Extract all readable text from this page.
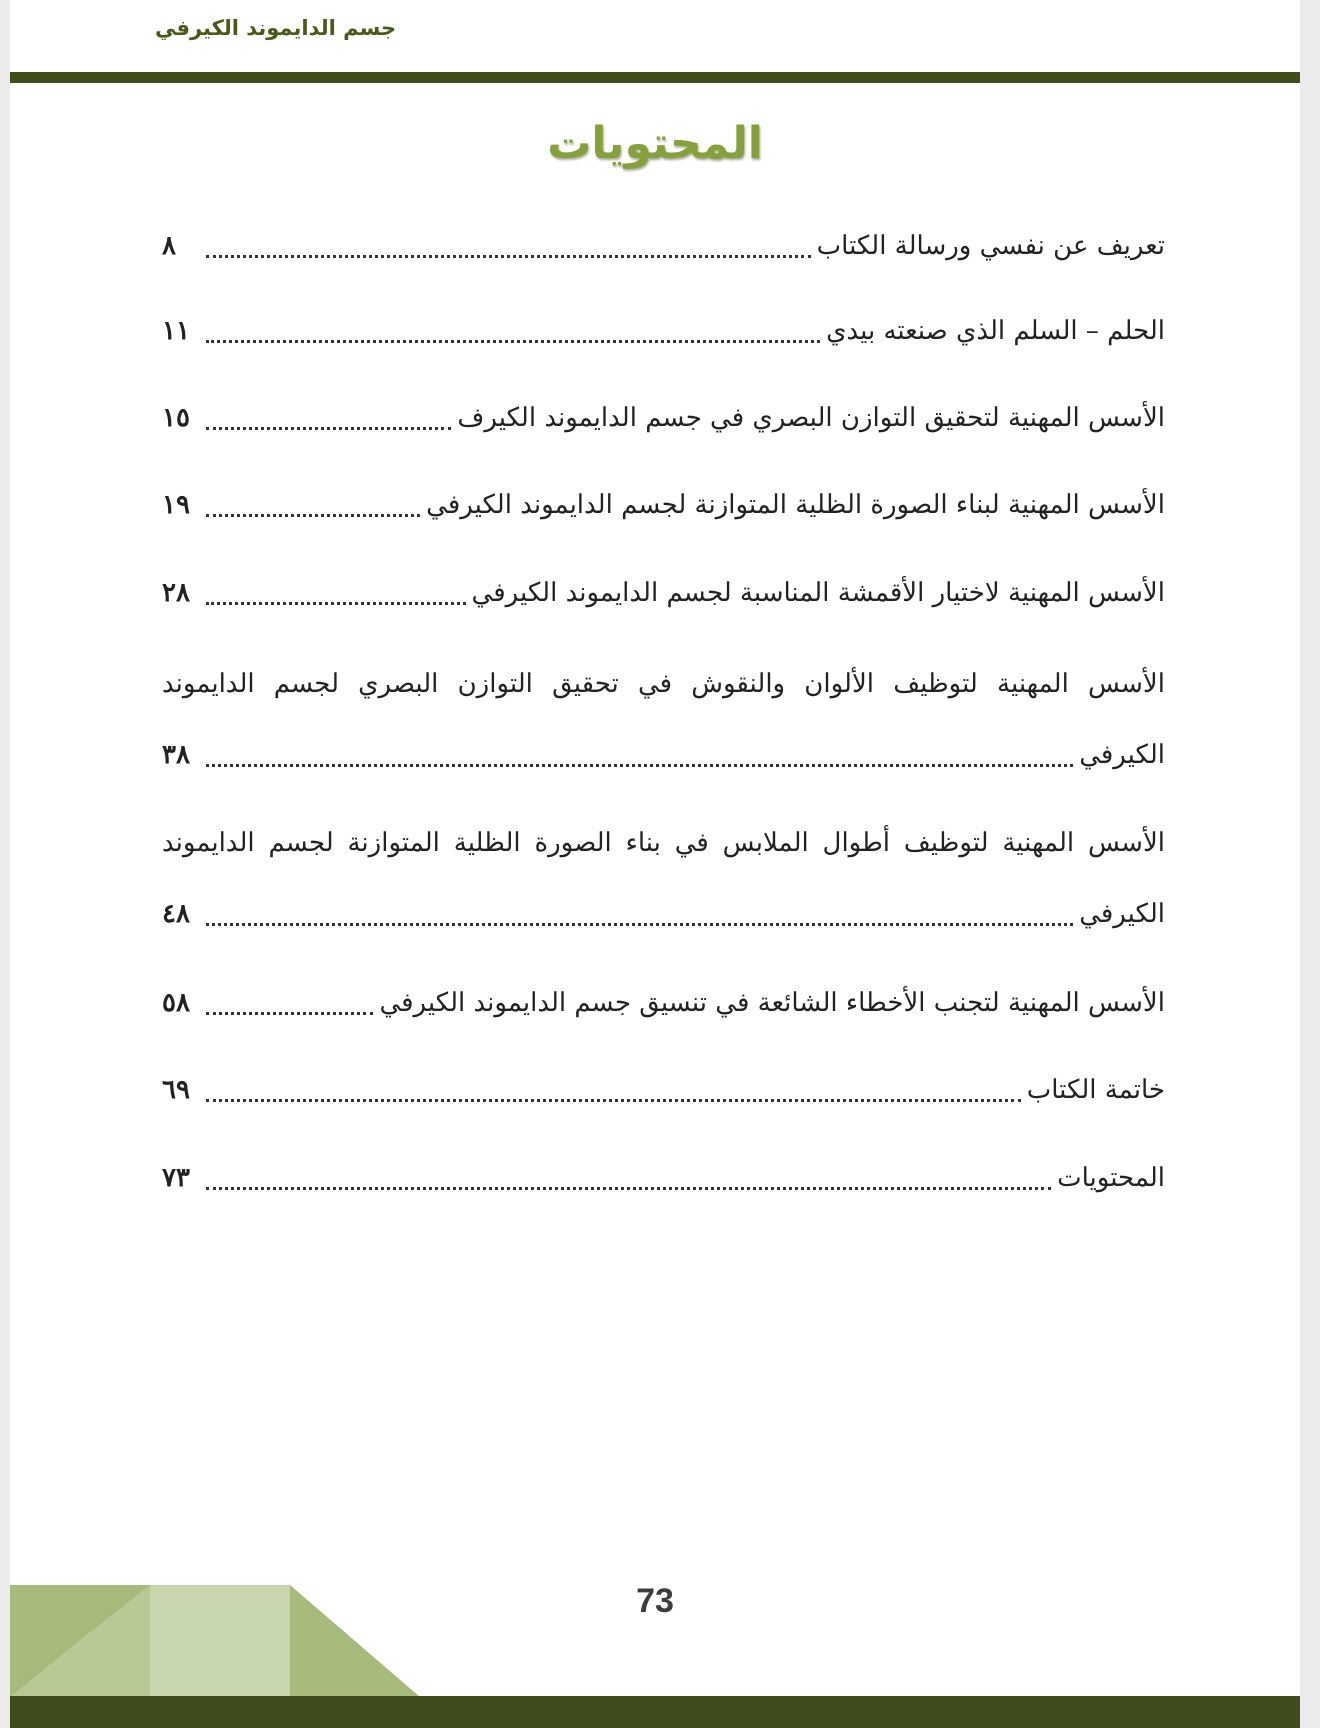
جسم الدايموند الكيرفي
المحتويات
تعريف عن نفسي ورسالة الكتاب
٨
الحلم – السلم الذي صنعته بيدي
١١
الأسس المهنية لتحقيق التوازن البصري في جسم الدايموند الكيرف
١٥
الأسس المهنية لبناء الصورة الظلية المتوازنة لجسم الدايموند الكيرفي
١٩
الأسس المهنية لاختيار الأقمشة المناسبة لجسم الدايموند الكيرفي
٢٨
الأسس المهنية لتوظيف الألوان والنقوش في تحقيق التوازن البصري لجسم الدايموند
الكيرفي
٣٨
الأسس المهنية لتوظيف أطوال الملابس في بناء الصورة الظلية المتوازنة لجسم الدايموند
الكيرفي
٤٨
الأسس المهنية لتجنب الأخطاء الشائعة في تنسيق جسم الدايموند الكيرفي
٥٨
خاتمة الكتاب
٦٩
المحتويات
٧٣
73
